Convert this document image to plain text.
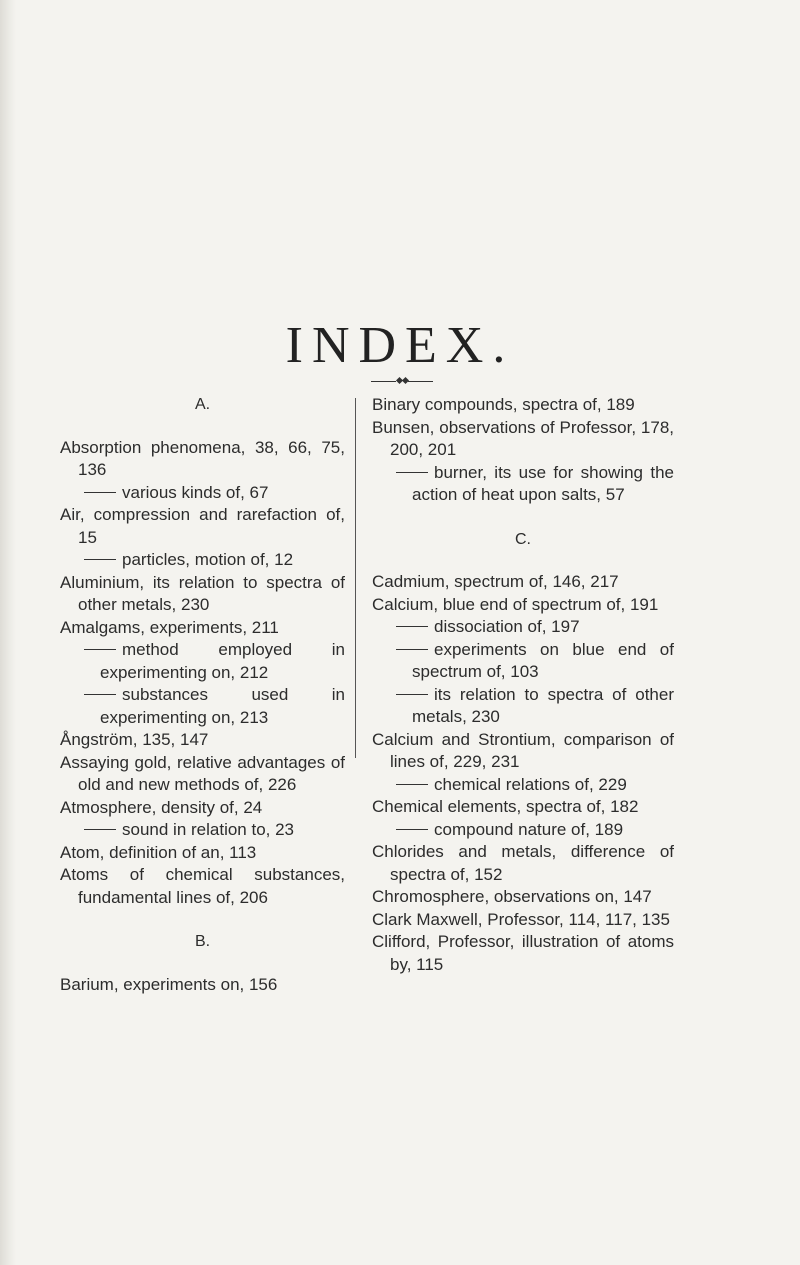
INDEX.
A.
Absorption phenomena, 38, 66, 75, 136
various kinds of, 67
Air, compression and rarefaction of, 15
particles, motion of, 12
Aluminium, its relation to spectra of other metals, 230
Amalgams, experiments, 211
method employed in experimenting on, 212
substances used in experimenting on, 213
Ångström, 135, 147
Assaying gold, relative advantages of old and new methods of, 226
Atmosphere, density of, 24
sound in relation to, 23
Atom, definition of an, 113
Atoms of chemical substances, fundamental lines of, 206
B.
Barium, experiments on, 156
Binary compounds, spectra of, 189
Bunsen, observations of Professor, 178, 200, 201
burner, its use for showing the action of heat upon salts, 57
C.
Cadmium, spectrum of, 146, 217
Calcium, blue end of spectrum of, 191
dissociation of, 197
experiments on blue end of spectrum of, 103
its relation to spectra of other metals, 230
Calcium and Strontium, comparison of lines of, 229, 231
chemical relations of, 229
Chemical elements, spectra of, 182
compound nature of, 189
Chlorides and metals, difference of spectra of, 152
Chromosphere, observations on, 147
Clark Maxwell, Professor, 114, 117, 135
Clifford, Professor, illustration of atoms by, 115
